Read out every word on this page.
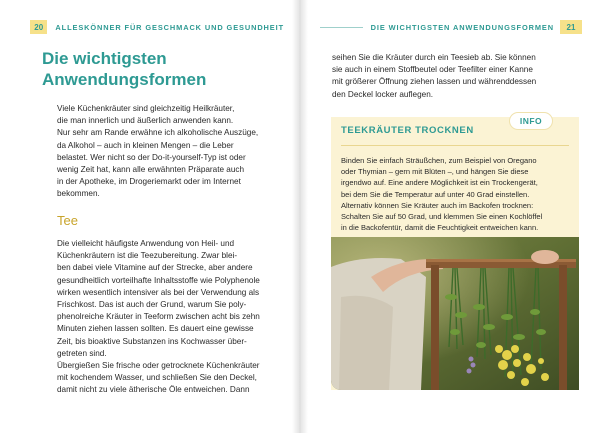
20	ALLESKÖNNER FÜR GESCHMACK UND GESUNDHEIT
Die wichtigsten
Anwendungsformen
Viele Küchenkräuter sind gleichzeitig Heilkräuter,
die man innerlich und äußerlich anwenden kann.
Nur sehr am Rande erwähne ich alkoholische Auszüge,
da Alkohol – auch in kleinen Mengen – die Leber
belastet. Wer nicht so der Do-it-yourself-Typ ist oder
wenig Zeit hat, kann alle erwähnten Präparate auch
in der Apotheke, im Drogeriemarkt oder im Internet
bekommen.
Tee
Die vielleicht häufigste Anwendung von Heil- und
Küchenkräutern ist die Teezubereitung. Zwar blei-
ben dabei viele Vitamine auf der Strecke, aber andere
gesundheitlich vorteilhafte Inhaltsstoffe wie Polyphenole
wirken wesentlich intensiver als bei der Verwendung als
Frischkost. Das ist auch der Grund, warum Sie poly-
phenolreiche Kräuter in Teeform zwischen acht bis zehn
Minuten ziehen lassen sollten. Es dauert eine gewisse
Zeit, bis bioaktive Substanzen ins Kochwasser über-
getreten sind.
Übergießen Sie frische oder getrocknete Küchenkräuter
mit kochendem Wasser, und schließen Sie den Deckel,
damit nicht zu viele ätherische Öle entweichen. Dann
DIE WICHTIGSTEN ANWENDUNGSFORMEN	21
seihen Sie die Kräuter durch ein Teesieb ab. Sie können
sie auch in einem Stoffbeutel oder Teefilter einer Kanne
mit größerer Öffnung ziehen lassen und währenddessen
den Deckel locker auflegen.
TEEKRÄUTER TROCKNEN
Binden Sie einfach Sträußchen, zum Beispiel von Oregano
oder Thymian – gern mit Blüten –, und hängen Sie diese
irgendwo auf. Eine andere Möglichkeit ist ein Trockengerät,
bei dem Sie die Temperatur auf unter 40 Grad einstellen.
Alternativ können Sie Kräuter auch im Backofen trocknen:
Schalten Sie auf 50 Grad, und klemmen Sie einen Kochlöffel
in die Backofentür, damit die Feuchtigkeit entweichen kann.
INFO
